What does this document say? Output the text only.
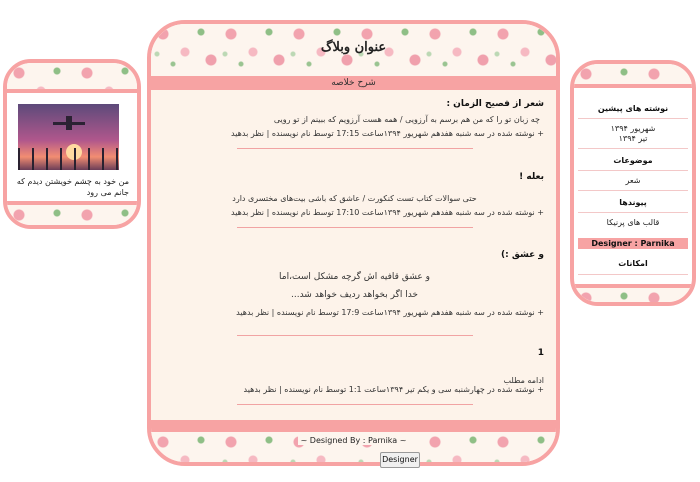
من خود به چشم خویشتن دیدم که جانم می رود
عنوان وبلاگ
شرح خلاصه
شعر از فصیح الزمان :
چه زبان تو را که من هم برسم به آرزویی / همه هست آرزویم که ببینم از تو رویی
+ نوشته شده در سه شنبه هفدهم شهریور ۱۳۹۴ساعت 17:15 توسط نام نویسنده | نظر بدهید
بعله !
حتی سوالات کتاب تست کنکورت / عاشق که باشی بیت‌های مختسری دارد
+ نوشته شده در سه شنبه هفدهم شهریور ۱۳۹۴ساعت 17:10 توسط نام نویسنده | نظر بدهید
و عشق :)
و عشق قافیه اش گرچه مشکل است،اما
خدا اگر بخواهد ردیف خواهد شد...
+ نوشته شده در سه شنبه هفدهم شهریور ۱۳۹۴ساعت 17:9 توسط نام نویسنده | نظر بدهید
1
ادامه مطلب
+ نوشته شده در چهارشنبه سی و یکم تیر ۱۳۹۴ساعت 1:1 توسط نام نویسنده | نظر بدهید
~ Designed By : Parnika ~
Designer
نوشته های پیشین
شهریور ۱۳۹۴
تیر ۱۳۹۴
موضوعات
شعر
پیوندها
قالب های پرنیکا
Designer : Parnika
امکانات
